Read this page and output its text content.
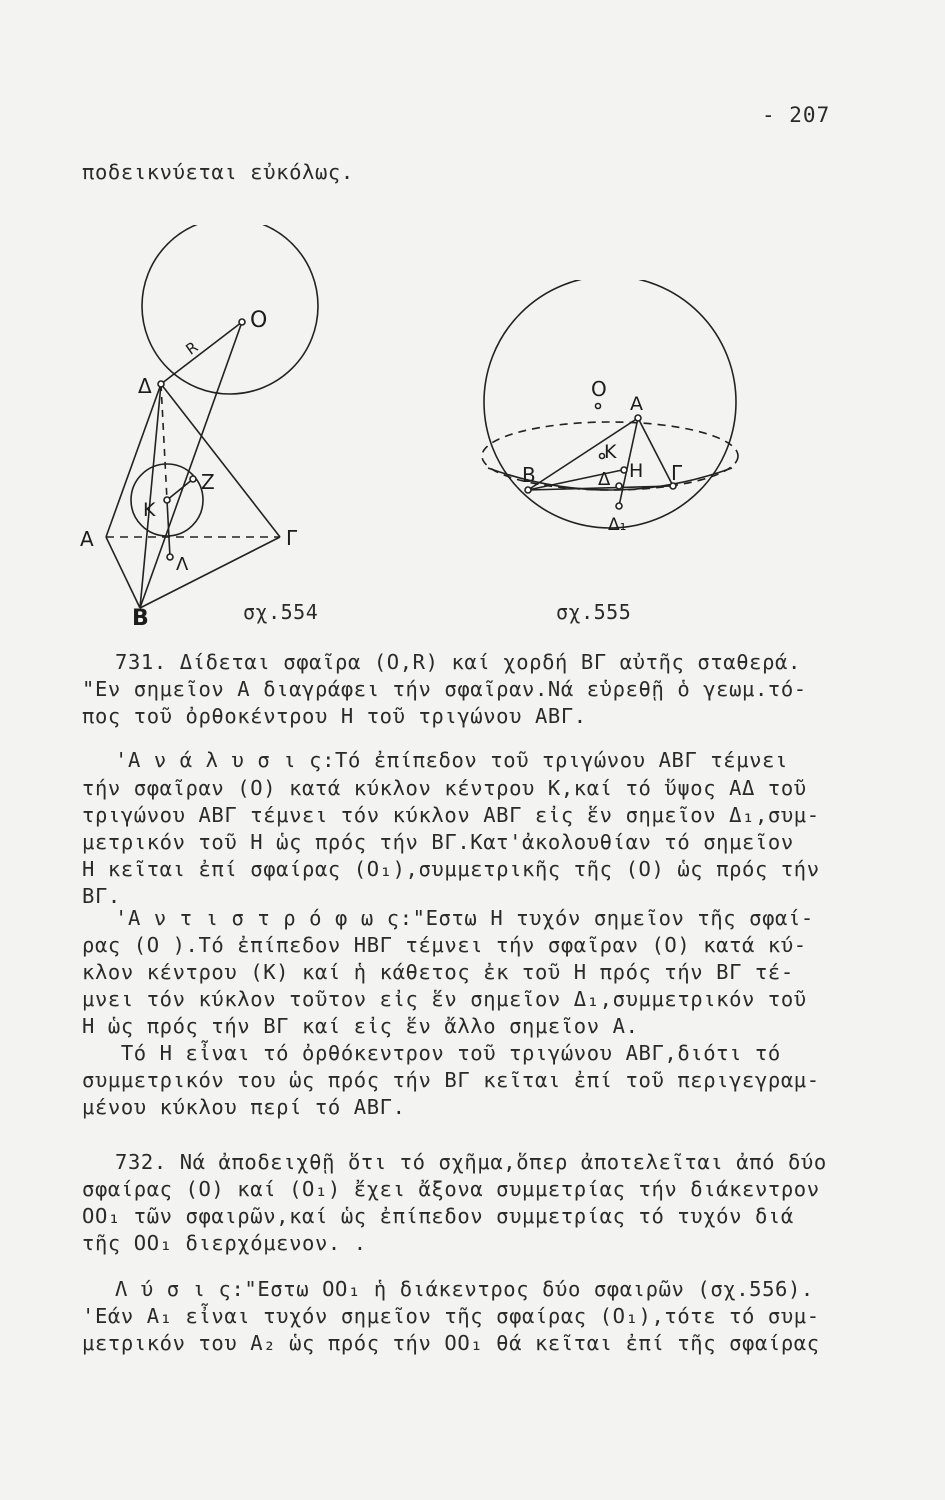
- 207
ποδεικνύεται εὐκόλως.
O
R
Δ
K
Z
A	Γ
Λ
B	σχ.554
O
A
K
B	Δ H Γ
Δ₁
σχ.555
731. Δίδεται σφαῖρα (O,R) καί χορδή ΒΓ αὐτῆς σταθερά.
"Εν σημεῖον Α διαγράφει τήν σφαῖραν.Νά εὑρεθῇ ὁ γεωμ.τό-
πος τοῦ ὀρθοκέντρου Η τοῦ τριγώνου ΑΒΓ.
'Α ν ά λ υ σ ι ς:Τό ἐπίπεδον τοῦ τριγώνου ΑΒΓ τέμνει
τήν σφαῖραν (O) κατά κύκλον κέντρου Κ,καί τό ὕψος ΑΔ τοῦ
τριγώνου ΑΒΓ τέμνει τόν κύκλον ΑΒΓ εἰς ἕν σημεῖον Δ₁,συμ-
μετρικόν τοῦ Η ὡς πρός τήν ΒΓ.Κατ'ἀκολουθίαν τό σημεῖον
Η κεῖται ἐπί σφαίρας (O₁),συμμετρικῆς τῆς (O) ὡς πρός τήν
ΒΓ.
'Α ν τ ι σ τ ρ ό φ ω ς:"Εστω Η τυχόν σημεῖον τῆς σφαί-
ρας (O ).Τό ἐπίπεδον ΗΒΓ τέμνει τήν σφαῖραν (O) κατά κύ-
κλον κέντρου (Κ) καί ἡ κάθετος ἐκ τοῦ Η πρός τήν ΒΓ τέ-
μνει τόν κύκλον τοῦτον εἰς ἕν σημεῖον Δ₁,συμμετρικόν τοῦ
Η ὡς πρός τήν ΒΓ καί εἰς ἕν ἄλλο σημεῖον Α.
Τό Η εἶναι τό ὀρθόκεντρον τοῦ τριγώνου ΑΒΓ,διότι τό
συμμετρικόν του ὡς πρός τήν ΒΓ κεῖται ἐπί τοῦ περιγεγραμ-
μένου κύκλου περί τό ΑΒΓ.
732. Νά ἀποδειχθῇ ὅτι τό σχῆμα,ὅπερ ἀποτελεῖται ἀπό δύο
σφαίρας (O) καί (O₁) ἔχει ἄξονα συμμετρίας τήν διάκεντρον
OO₁ τῶν σφαιρῶν,καί ὡς ἐπίπεδον συμμετρίας τό τυχόν διά
τῆς OO₁ διερχόμενον. .
Λ ύ σ ι ς:"Εστω OO₁ ἡ διάκεντρος δύο σφαιρῶν (σχ.556).
'Εάν Α₁ εἶναι τυχόν σημεῖον τῆς σφαίρας (O₁),τότε τό συμ-
μετρικόν του Α₂ ὡς πρός τήν OO₁ θά κεῖται ἐπί τῆς σφαίρας
